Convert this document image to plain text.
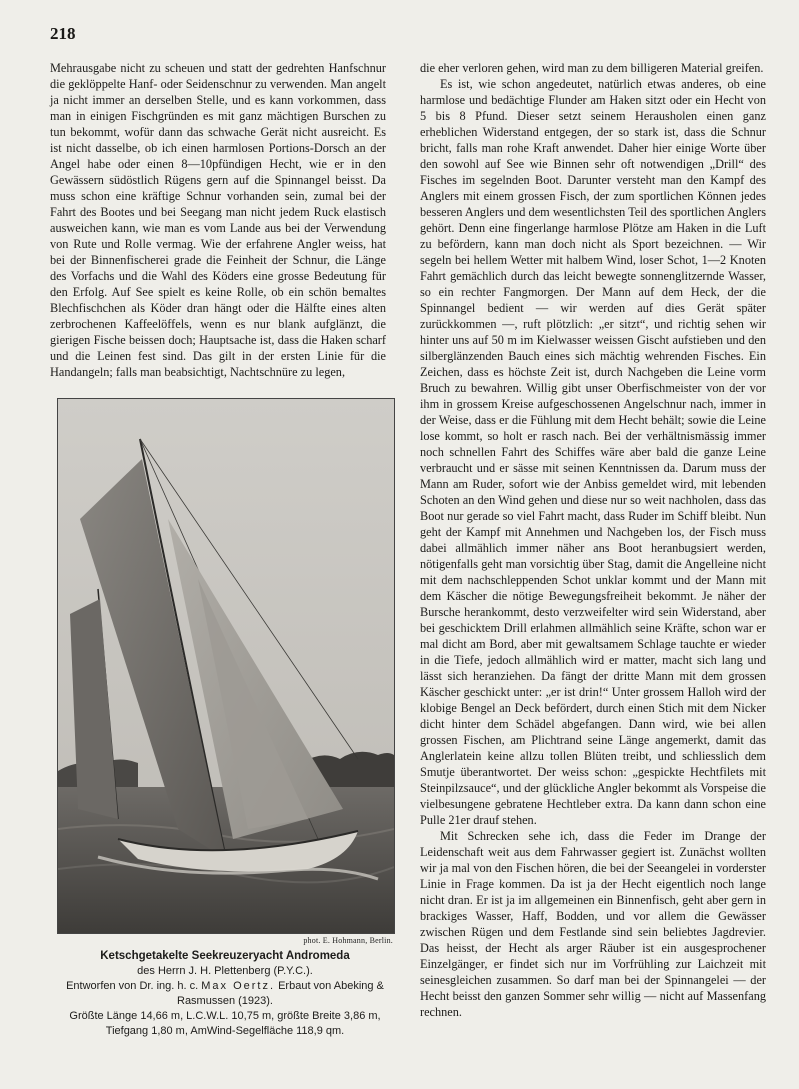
218

Mehrausgabe nicht zu scheuen und statt der gedrehten Hanfschnur die geklöppelte Hanf- oder Seidenschnur zu verwenden. Man angelt ja nicht immer an derselben Stelle, und es kann vorkommen, dass man in einigen Fischgründen es mit ganz mächtigen Burschen zu tun bekommt, wofür dann das schwache Gerät nicht ausreicht. Es ist nicht dasselbe, ob ich einen harmlosen Portions-Dorsch an der Angel habe oder einen 8—10pfündigen Hecht, wie er in den Gewässern südöstlich Rügens gern auf die Spinnangel beisst. Da muss schon eine kräftige Schnur vorhanden sein, zumal bei der Fahrt des Bootes und bei Seegang man nicht jedem Ruck elastisch ausweichen kann, wie man es vom Lande aus bei der Verwendung von Rute und Rolle vermag. Wie der erfahrene Angler weiss, hat bei der Binnenfischerei grade die Feinheit der Schnur, die Länge des Vorfachs und die Wahl des Köders eine grosse Bedeutung für den Erfolg. Auf See spielt es keine Rolle, ob ein schön bemaltes Blechfischchen als Köder dran hängt oder die Hälfte eines alten zerbrochenen Kaffeelöffels, wenn es nur blank aufglänzt, die gierigen Fische beissen doch; Hauptsache ist, dass die Haken scharf und die Leinen fest sind. Das gilt in der ersten Linie für die Handangeln; falls man beabsichtigt, Nachtschnüre zu legen,

phot. E. Hohmann, Berlin.
Ketschgetakelte Seekreuzeryacht Andromeda
des Herrn J. H. Plettenberg (P.Y.C.).
Entworfen von Dr. ing. h. c. Max Oertz. Erbaut von Abeking & Rasmussen (1923).
Größte Länge 14,66 m, L.C.W.L. 10,75 m, größte Breite 3,86 m,
Tiefgang 1,80 m, AmWind-Segelfläche 118,9 qm.

die eher verloren gehen, wird man zu dem billigeren Material greifen.

Es ist, wie schon angedeutet, natürlich etwas anderes, ob eine harmlose und bedächtige Flunder am Haken sitzt oder ein Hecht von 5 bis 8 Pfund. Dieser setzt seinem Herausholen einen ganz erheblichen Widerstand entgegen, der so stark ist, dass die Schnur bricht, falls man rohe Kraft anwendet. Daher hier einige Worte über den sowohl auf See wie Binnen sehr oft notwendigen „Drill“ des Fisches im segelnden Boot. Darunter versteht man den Kampf des Anglers mit einem grossen Fisch, der zum sportlichen Können jedes besseren Anglers und dem wesentlichsten Teil des sportlichen Anglers gehört. Denn eine fingerlange harmlose Plötze am Haken in die Luft zu befördern, kann man doch nicht als Sport bezeichnen. — Wir segeln bei hellem Wetter mit halbem Wind, loser Schot, 1—2 Knoten Fahrt gemächlich durch das leicht bewegte sonnenglitzernde Wasser, so ein rechter Fangmorgen. Der Mann auf dem Heck, der die Spinnangel bedient — wir werden auf dies Gerät später zurückkommen —, ruft plötzlich: „er sitzt“, und richtig sehen wir hinter uns auf 50 m im Kielwasser weissen Gischt aufstieben und den silberglänzenden Bauch eines sich mächtig wehrenden Fisches. Ein Zeichen, dass es höchste Zeit ist, durch Nachgeben die Leine vorm Bruch zu bewahren. Willig gibt unser Oberfischmeister von der vor ihm in grossem Kreise aufgeschossenen Angelschnur nach, immer in der Weise, dass er die Fühlung mit dem Hecht behält; sowie die Leine lose kommt, so holt er rasch nach. Bei der verhältnismässig immer noch schnellen Fahrt des Schiffes wäre aber bald die ganze Leine verbraucht und er sässe mit seinen Kenntnissen da. Darum muss der Mann am Ruder, sofort wie der Anbiss gemeldet wird, mit lebenden Schoten an den Wind gehen und diese nur so weit nachholen, dass das Boot nur gerade so viel Fahrt macht, dass Ruder im Schiff bleibt. Nun geht der Kampf mit Annehmen und Nachgeben los, der Fisch muss dabei allmählich immer näher ans Boot heranbugsiert werden, nötigenfalls geht man vorsichtig über Stag, damit die Angelleine nicht mit dem nachschleppenden Schot unklar kommt und der Mann mit dem Käscher die nötige Bewegungsfreiheit bekommt. Je näher der Bursche herankommt, desto verzweifelter wird sein Widerstand, aber bei geschicktem Drill erlahmen allmählich seine Kräfte, schon war er mal dicht am Bord, aber mit gewaltsamem Schlage tauchte er wieder in die Tiefe, jedoch allmählich wird er matter, macht sich lang und lässt sich heranziehen. Da fängt der dritte Mann mit dem grossen Käscher geschickt unter: „er ist drin!“ Unter grossem Halloh wird der klobige Bengel an Deck befördert, durch einen Stich mit dem Nicker dicht hinter dem Schädel abgefangen. Dann wird, wie bei allen grossen Fischen, am Plichtrand seine Länge angemerkt, damit das Anglerlatein keine allzu tollen Blüten treibt, und schliesslich dem Smutje überantwortet. Der weiss schon: „gespickte Hechtfilets mit Steinpilzsauce“, und der glückliche Angler bekommt als Vorspeise die vielbesungene gebratene Hechtleber extra. Da kann dann schon eine Pulle 21er drauf stehen.

Mit Schrecken sehe ich, dass die Feder im Drange der Leidenschaft weit aus dem Fahrwasser gegiert ist. Zunächst wollten wir ja mal von den Fischen hören, die bei der Seeangelei in vorderster Linie in Frage kommen. Da ist ja der Hecht eigentlich noch lange nicht dran. Er ist ja im allgemeinen ein Binnenfisch, geht aber gern in brackiges Wasser, Haff, Bodden, und vor allem die Gewässer zwischen Rügen und dem Festlande sind sein beliebtes Jagdrevier. Das heisst, der Hecht als arger Räuber ist ein ausgesprochener Einzelgänger, er findet sich nur im Vorfrühling zur Laichzeit mit seinesgleichen zusammen. So darf man bei der Spinnangelei — der Hecht beisst den ganzen Sommer sehr willig — nicht auf Massenfang rechnen.
